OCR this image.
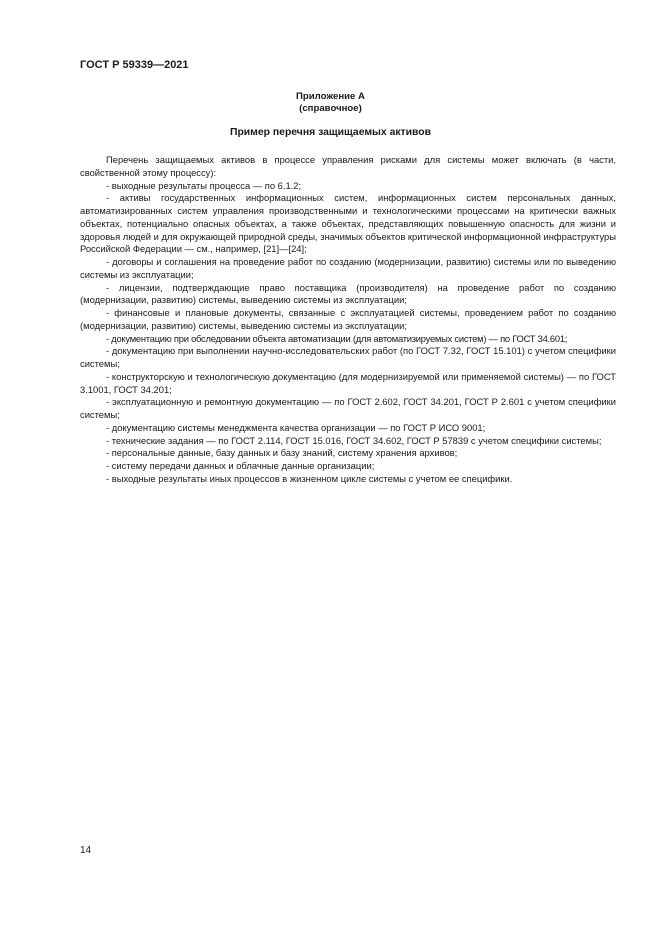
ГОСТ Р 59339—2021
Приложение А
(справочное)
Пример перечня защищаемых активов

Перечень защищаемых активов в процессе управления рисками для системы может включать (в части, свойственной этому процессу):

- выходные результаты процесса — по 6.1.2;

- активы государственных информационных систем, информационных систем персональных данных, автоматизированных систем управления производственными и технологическими процессами на критически важных объектах, потенциально опасных объектах, а также объектах, представляющих повышенную опасность для жизни и здоровья людей и для окружающей природной среды, значимых объектов критической информационной инфраструктуры Российской Федерации — см., например, [21]—[24];

- договоры и соглашения на проведение работ по созданию (модернизации, развитию) системы или по выведению системы из эксплуатации;

- лицензии, подтверждающие право поставщика (производителя) на проведение работ по созданию (модернизации, развитию) системы, выведению системы из эксплуатации;

- финансовые и плановые документы, связанные с эксплуатацией системы, проведением работ по созданию (модернизации, развитию) системы, выведению системы из эксплуатации;

- документацию при обследовании объекта автоматизации (для автоматизируемых систем) — по ГОСТ 34.601;

- документацию при выполнении научно-исследовательских работ (по ГОСТ 7.32, ГОСТ 15.101) с учетом специфики системы;

- конструкторскую и технологическую документацию (для модернизируемой или применяемой системы) — по ГОСТ 3.1001, ГОСТ 34.201;

- эксплуатационную и ремонтную документацию — по ГОСТ 2.602, ГОСТ 34.201, ГОСТ Р 2.601 с учетом специфики системы;

- документацию системы менеджмента качества организации — по ГОСТ Р ИСО 9001;

- технические задания — по ГОСТ 2.114, ГОСТ 15.016, ГОСТ 34.602, ГОСТ Р 57839 с учетом специфики системы;

- персональные данные, базу данных и базу знаний, систему хранения архивов;

- систему передачи данных и облачные данные организации;

- выходные результаты иных процессов в жизненном цикле системы с учетом ее специфики.

14
